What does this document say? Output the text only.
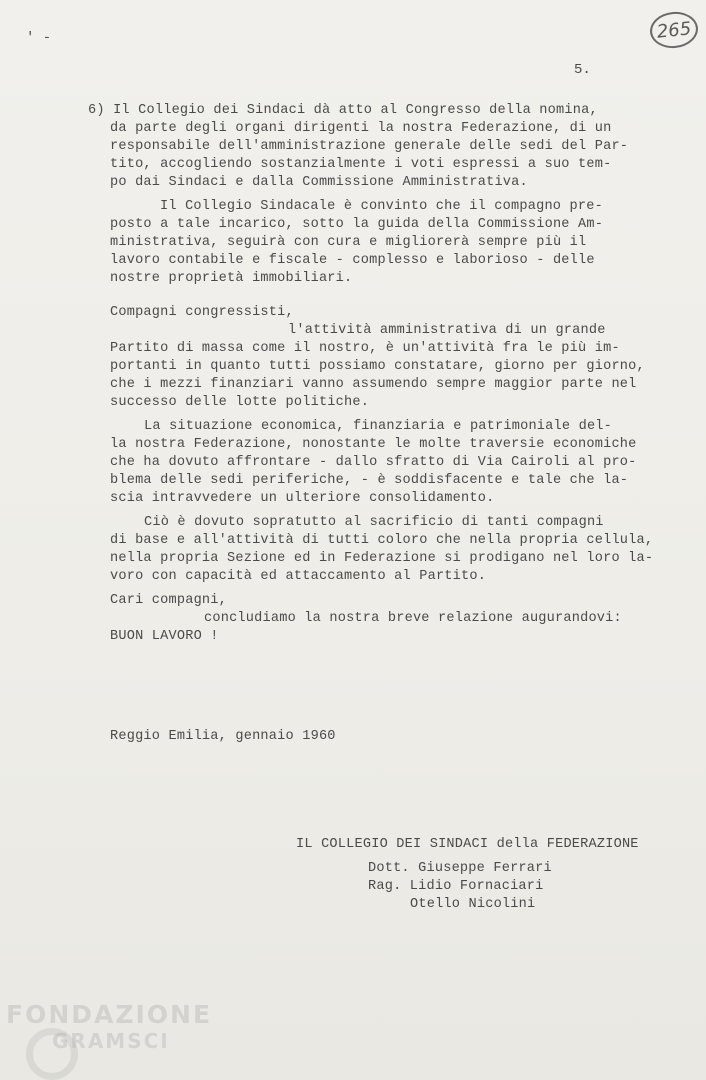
' -	265
5.
6) Il Collegio dei Sindaci dà atto al Congresso della nomina,
da parte degli organi dirigenti la nostra Federazione, di un
responsabile dell'amministrazione generale delle sedi del Par-
tito, accogliendo sostanzialmente i voti espressi a suo tem-
po dai Sindaci e dalla Commissione Amministrativa.
Il Collegio Sindacale è convinto che il compagno pre-
posto a tale incarico, sotto la guida della Commissione Am-
ministrativa, seguirà con cura e migliorerà sempre più il
lavoro contabile e fiscale - complesso e laborioso - delle
nostre proprietà immobiliari.
Compagni congressisti,
l'attività amministrativa di un grande
Partito di massa come il nostro, è un'attività fra le più im-
portanti in quanto tutti possiamo constatare, giorno per giorno,
che i mezzi finanziari vanno assumendo sempre maggior parte nel
successo delle lotte politiche.
La situazione economica, finanziaria e patrimoniale del-
la nostra Federazione, nonostante le molte traversie economiche
che ha dovuto affrontare - dallo sfratto di Via Cairoli al pro-
blema delle sedi periferiche, - è soddisfacente e tale che la-
scia intravvedere un ulteriore consolidamento.
Ciò è dovuto sopratutto al sacrificio di tanti compagni
di base e all'attività di tutti coloro che nella propria cellula,
nella propria Sezione ed in Federazione si prodigano nel loro la-
voro con capacità ed attaccamento al Partito.
Cari compagni,
concludiamo la nostra breve relazione augurandovi:
BUON LAVORO !
Reggio Emilia, gennaio 1960
IL COLLEGIO DEI SINDACI della FEDERAZIONE
Dott. Giuseppe Ferrari
Rag. Lidio Fornaciari
Otello Nicolini
FONDAZIONE
GRAMSCI
